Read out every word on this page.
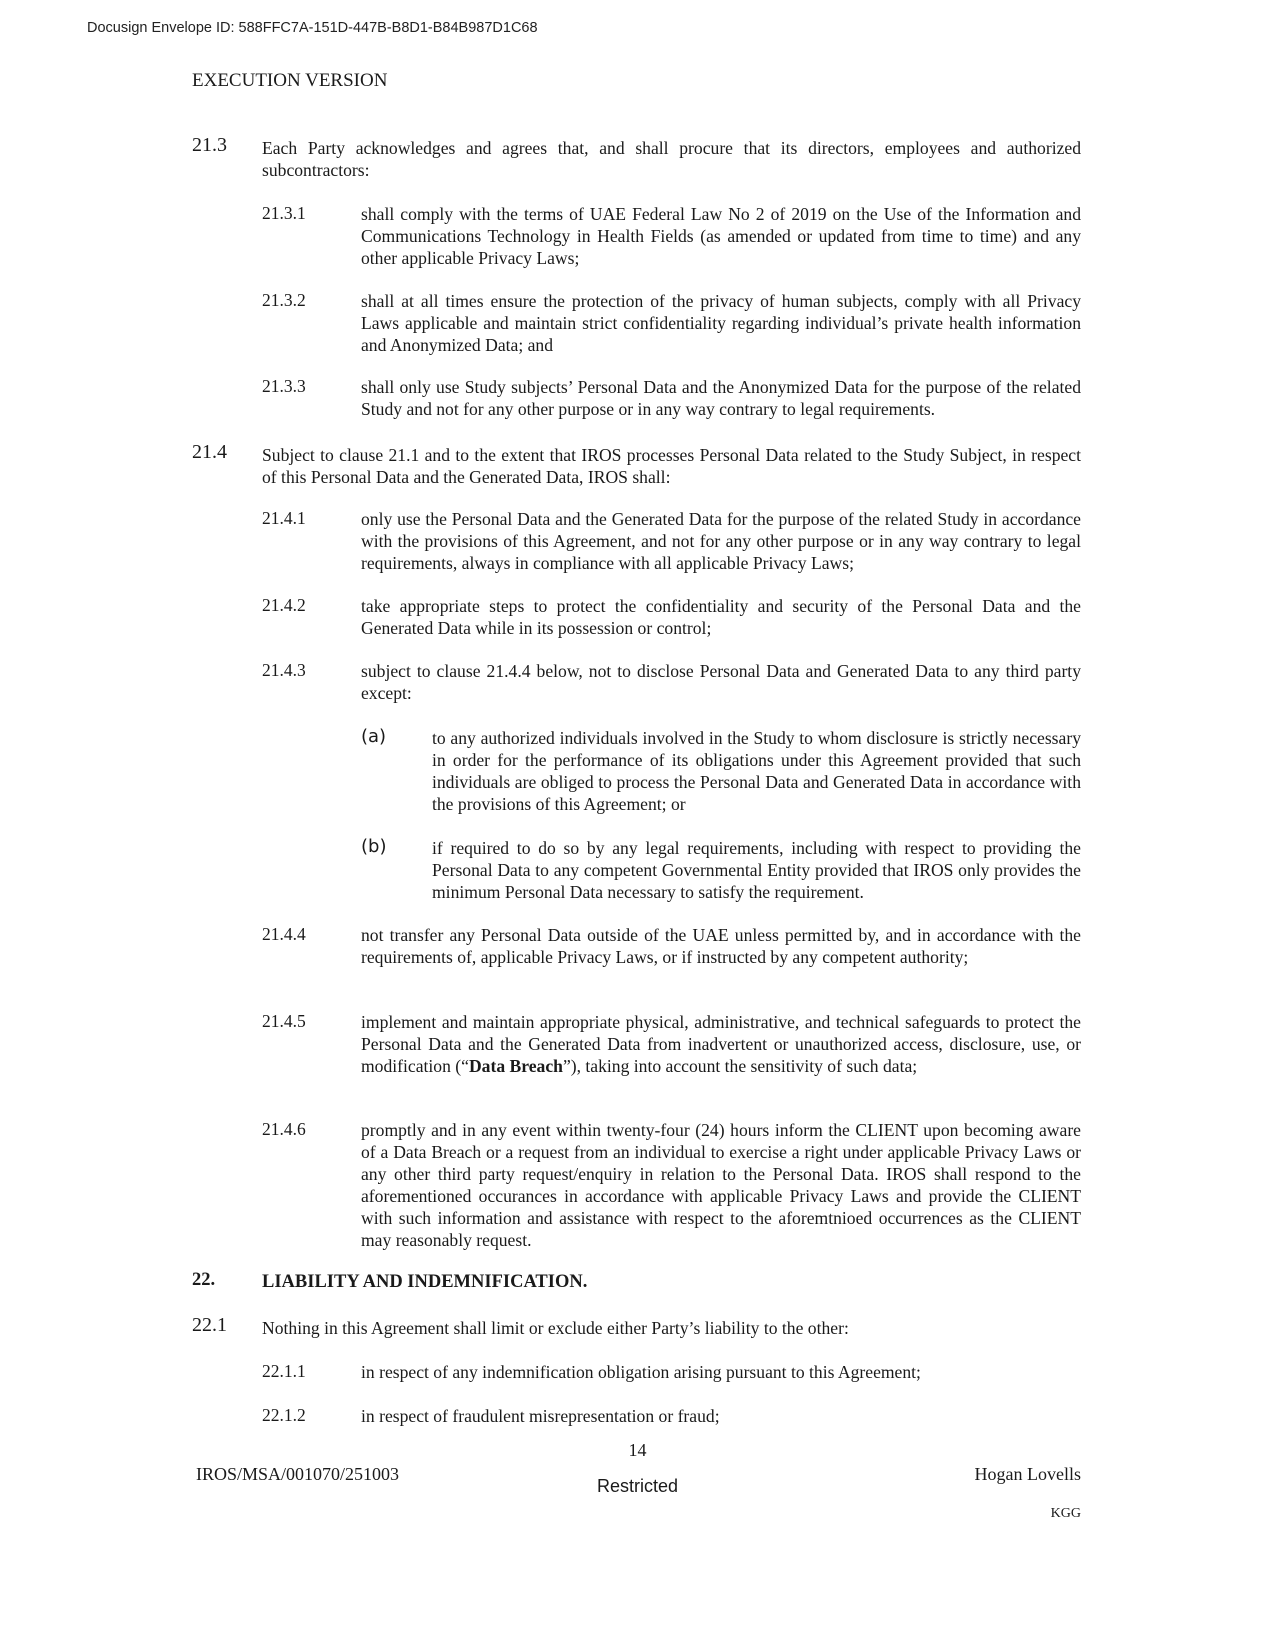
Docusign Envelope ID: 588FFC7A-151D-447B-B8D1-B84B987D1C68
EXECUTION VERSION
21.3 Each Party acknowledges and agrees that, and shall procure that its directors, employees and authorized subcontractors:
21.3.1	shall comply with the terms of UAE Federal Law No 2 of 2019 on the Use of the Information and Communications Technology in Health Fields (as amended or updated from time to time) and any other applicable Privacy Laws;
21.3.2	shall at all times ensure the protection of the privacy of human subjects, comply with all Privacy Laws applicable and maintain strict confidentiality regarding individual’s private health information and Anonymized Data; and
21.3.3	shall only use Study subjects’ Personal Data and the Anonymized Data for the purpose of the related Study and not for any other purpose or in any way contrary to legal requirements.
21.4 Subject to clause 21.1 and to the extent that IROS processes Personal Data related to the Study Subject, in respect of this Personal Data and the Generated Data, IROS shall:
21.4.1	only use the Personal Data and the Generated Data for the purpose of the related Study in accordance with the provisions of this Agreement, and not for any other purpose or in any way contrary to legal requirements, always in compliance with all applicable Privacy Laws;
21.4.2	take appropriate steps to protect the confidentiality and security of the Personal Data and the Generated Data while in its possession or control;
21.4.3	subject to clause 21.4.4 below, not to disclose Personal Data and Generated Data to any third party except:
(a)	to any authorized individuals involved in the Study to whom disclosure is strictly necessary in order for the performance of its obligations under this Agreement provided that such individuals are obliged to process the Personal Data and Generated Data in accordance with the provisions of this Agreement; or
(b)	if required to do so by any legal requirements, including with respect to providing the Personal Data to any competent Governmental Entity provided that IROS only provides the minimum Personal Data necessary to satisfy the requirement.
21.4.4	not transfer any Personal Data outside of the UAE unless permitted by, and in accordance with the requirements of, applicable Privacy Laws, or if instructed by any competent authority;
21.4.5	implement and maintain appropriate physical, administrative, and technical safeguards to protect the Personal Data and the Generated Data from inadvertent or unauthorized access, disclosure, use, or modification (“Data Breach”), taking into account the sensitivity of such data;
21.4.6	promptly and in any event within twenty-four (24) hours inform the CLIENT upon becoming aware of a Data Breach or a request from an individual to exercise a right under applicable Privacy Laws or any other third party request/enquiry in relation to the Personal Data. IROS shall respond to the aforementioned occurances in accordance with applicable Privacy Laws and provide the CLIENT with such information and assistance with respect to the aforemtnioed occurrences as the CLIENT may reasonably request.
22.	LIABILITY AND INDEMNIFICATION.
22.1 Nothing in this Agreement shall limit or exclude either Party’s liability to the other:
22.1.1	in respect of any indemnification obligation arising pursuant to this Agreement;
22.1.2	in respect of fraudulent misrepresentation or fraud;
14
IROS/MSA/001070/251003
Restricted
Hogan Lovells
KGG
